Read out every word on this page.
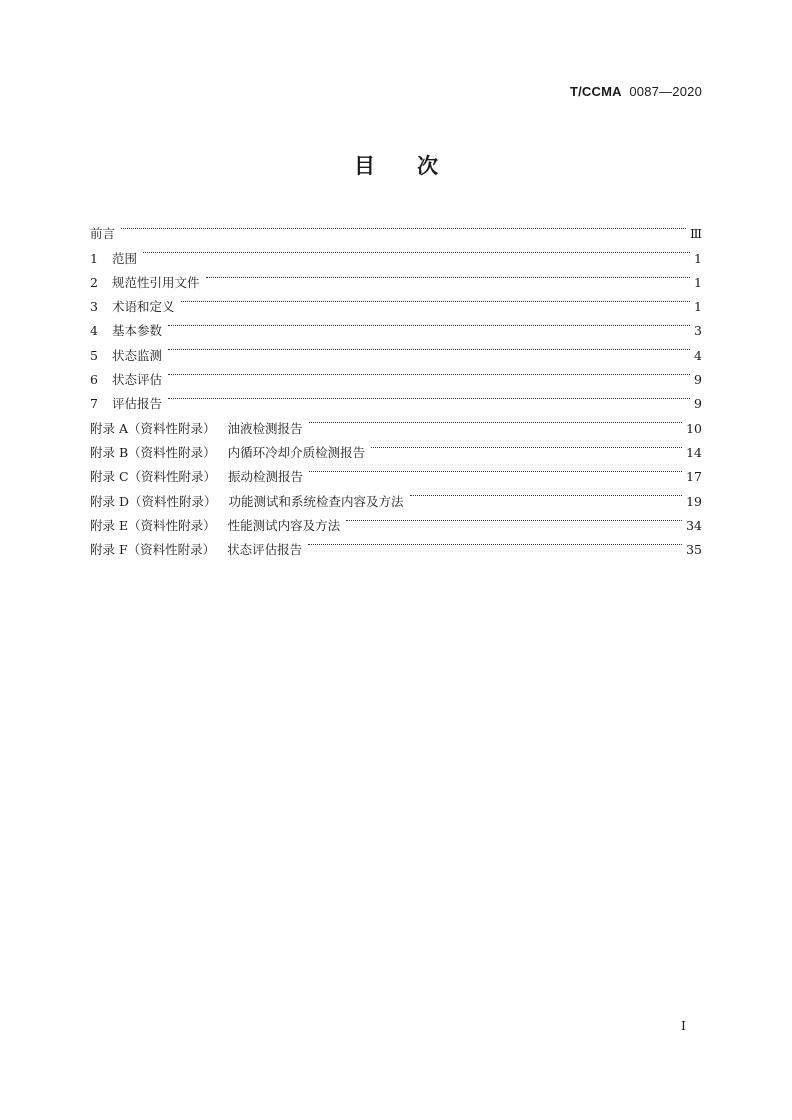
T/CCMA 0087—2020
目次
前言	Ⅲ
1	范围	1
2	规范性引用文件	1
3	术语和定义	1
4	基本参数	3
5	状态监测	4
6	状态评估	9
7	评估报告	9
附录 A（资料性附录） 油液检测报告	10
附录 B（资料性附录） 内循环冷却介质检测报告	14
附录 C（资料性附录） 振动检测报告	17
附录 D（资料性附录） 功能测试和系统检查内容及方法	19
附录 E（资料性附录） 性能测试内容及方法	34
附录 F（资料性附录） 状态评估报告	35
I
